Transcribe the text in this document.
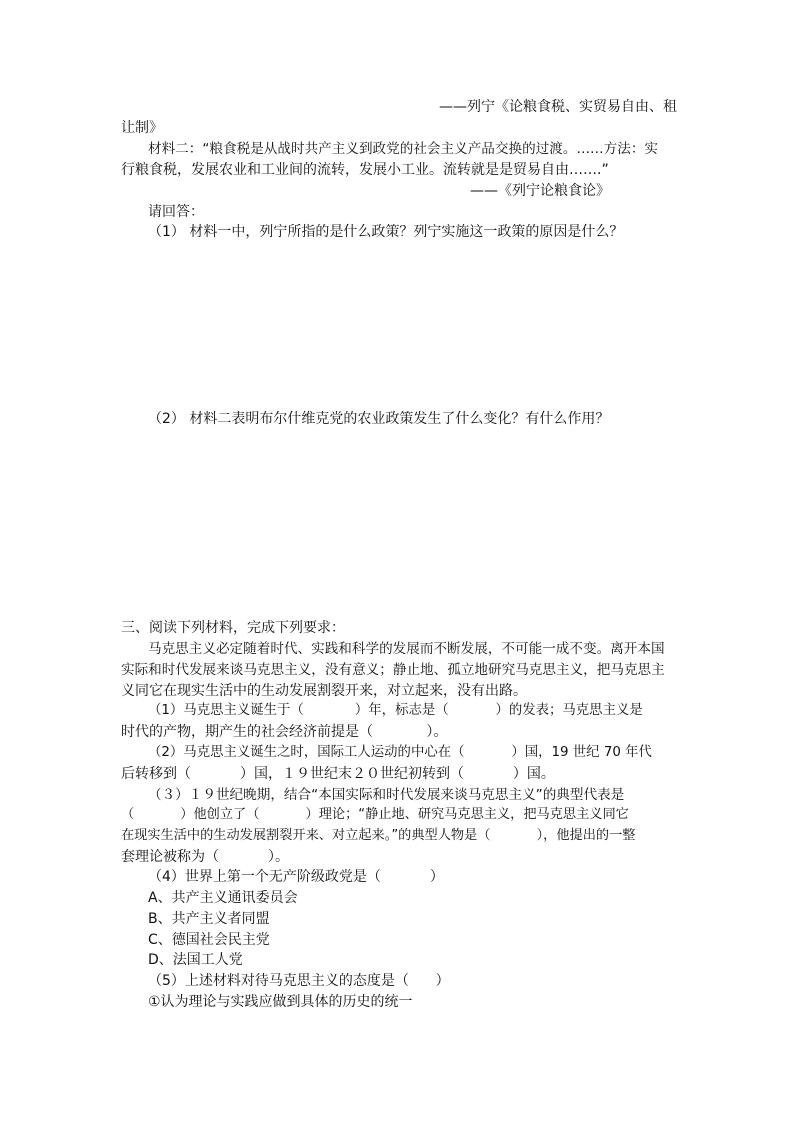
——列宁《论粮食税、实贸易自由、租
让制》
材料二：“粮食税是从战时共产主义到政党的社会主义产品交换的过渡。……方法：实
行粮食税，发展农业和工业间的流转，发展小工业。流转就是是贸易自由…….”
——《列宁论粮食论》
请回答：
（1） 材料一中，列宁所指的是什么政策？列宁实施这一政策的原因是什么？
（2） 材料二表明布尔什维克党的农业政策发生了什么变化？有什么作用？
三、阅读下列材料，完成下列要求：
马克思主义必定随着时代、实践和科学的发展而不断发展，不可能一成不变。离开本国
实际和时代发展来谈马克思主义，没有意义；静止地、孤立地研究马克思主义，把马克思主
义同它在现实生活中的生动发展割裂开来，对立起来，没有出路。
（1）马克思主义诞生于（            ）年，标志是（           ）的发表；马克思主义是
时代的产物，期产生的社会经济前提是（            ）。
（2）马克思主义诞生之时，国际工人运动的中心在（           ）国，19 世纪 70 年代
后转移到（           ）国，１９世纪末２０世纪初转到（           ）国。
（３）１９世纪晚期，结合“本国实际和时代发展来谈马克思主义”的典型代表是
（           ）他创立了（           ）理论；“静止地、研究马克思主义，把马克思主义同它
在现实生活中的生动发展割裂开来、对立起来。”的典型人物是（           ），他提出的一整
套理论被称为（           ）。
（4）世界上第一个无产阶级政党是（           ）
A、共产主义通讯委员会
B、共产主义者同盟
C、德国社会民主党
D、法国工人党
（5）上述材料对待马克思主义的态度是（      ）
①认为理论与实践应做到具体的历史的统一
